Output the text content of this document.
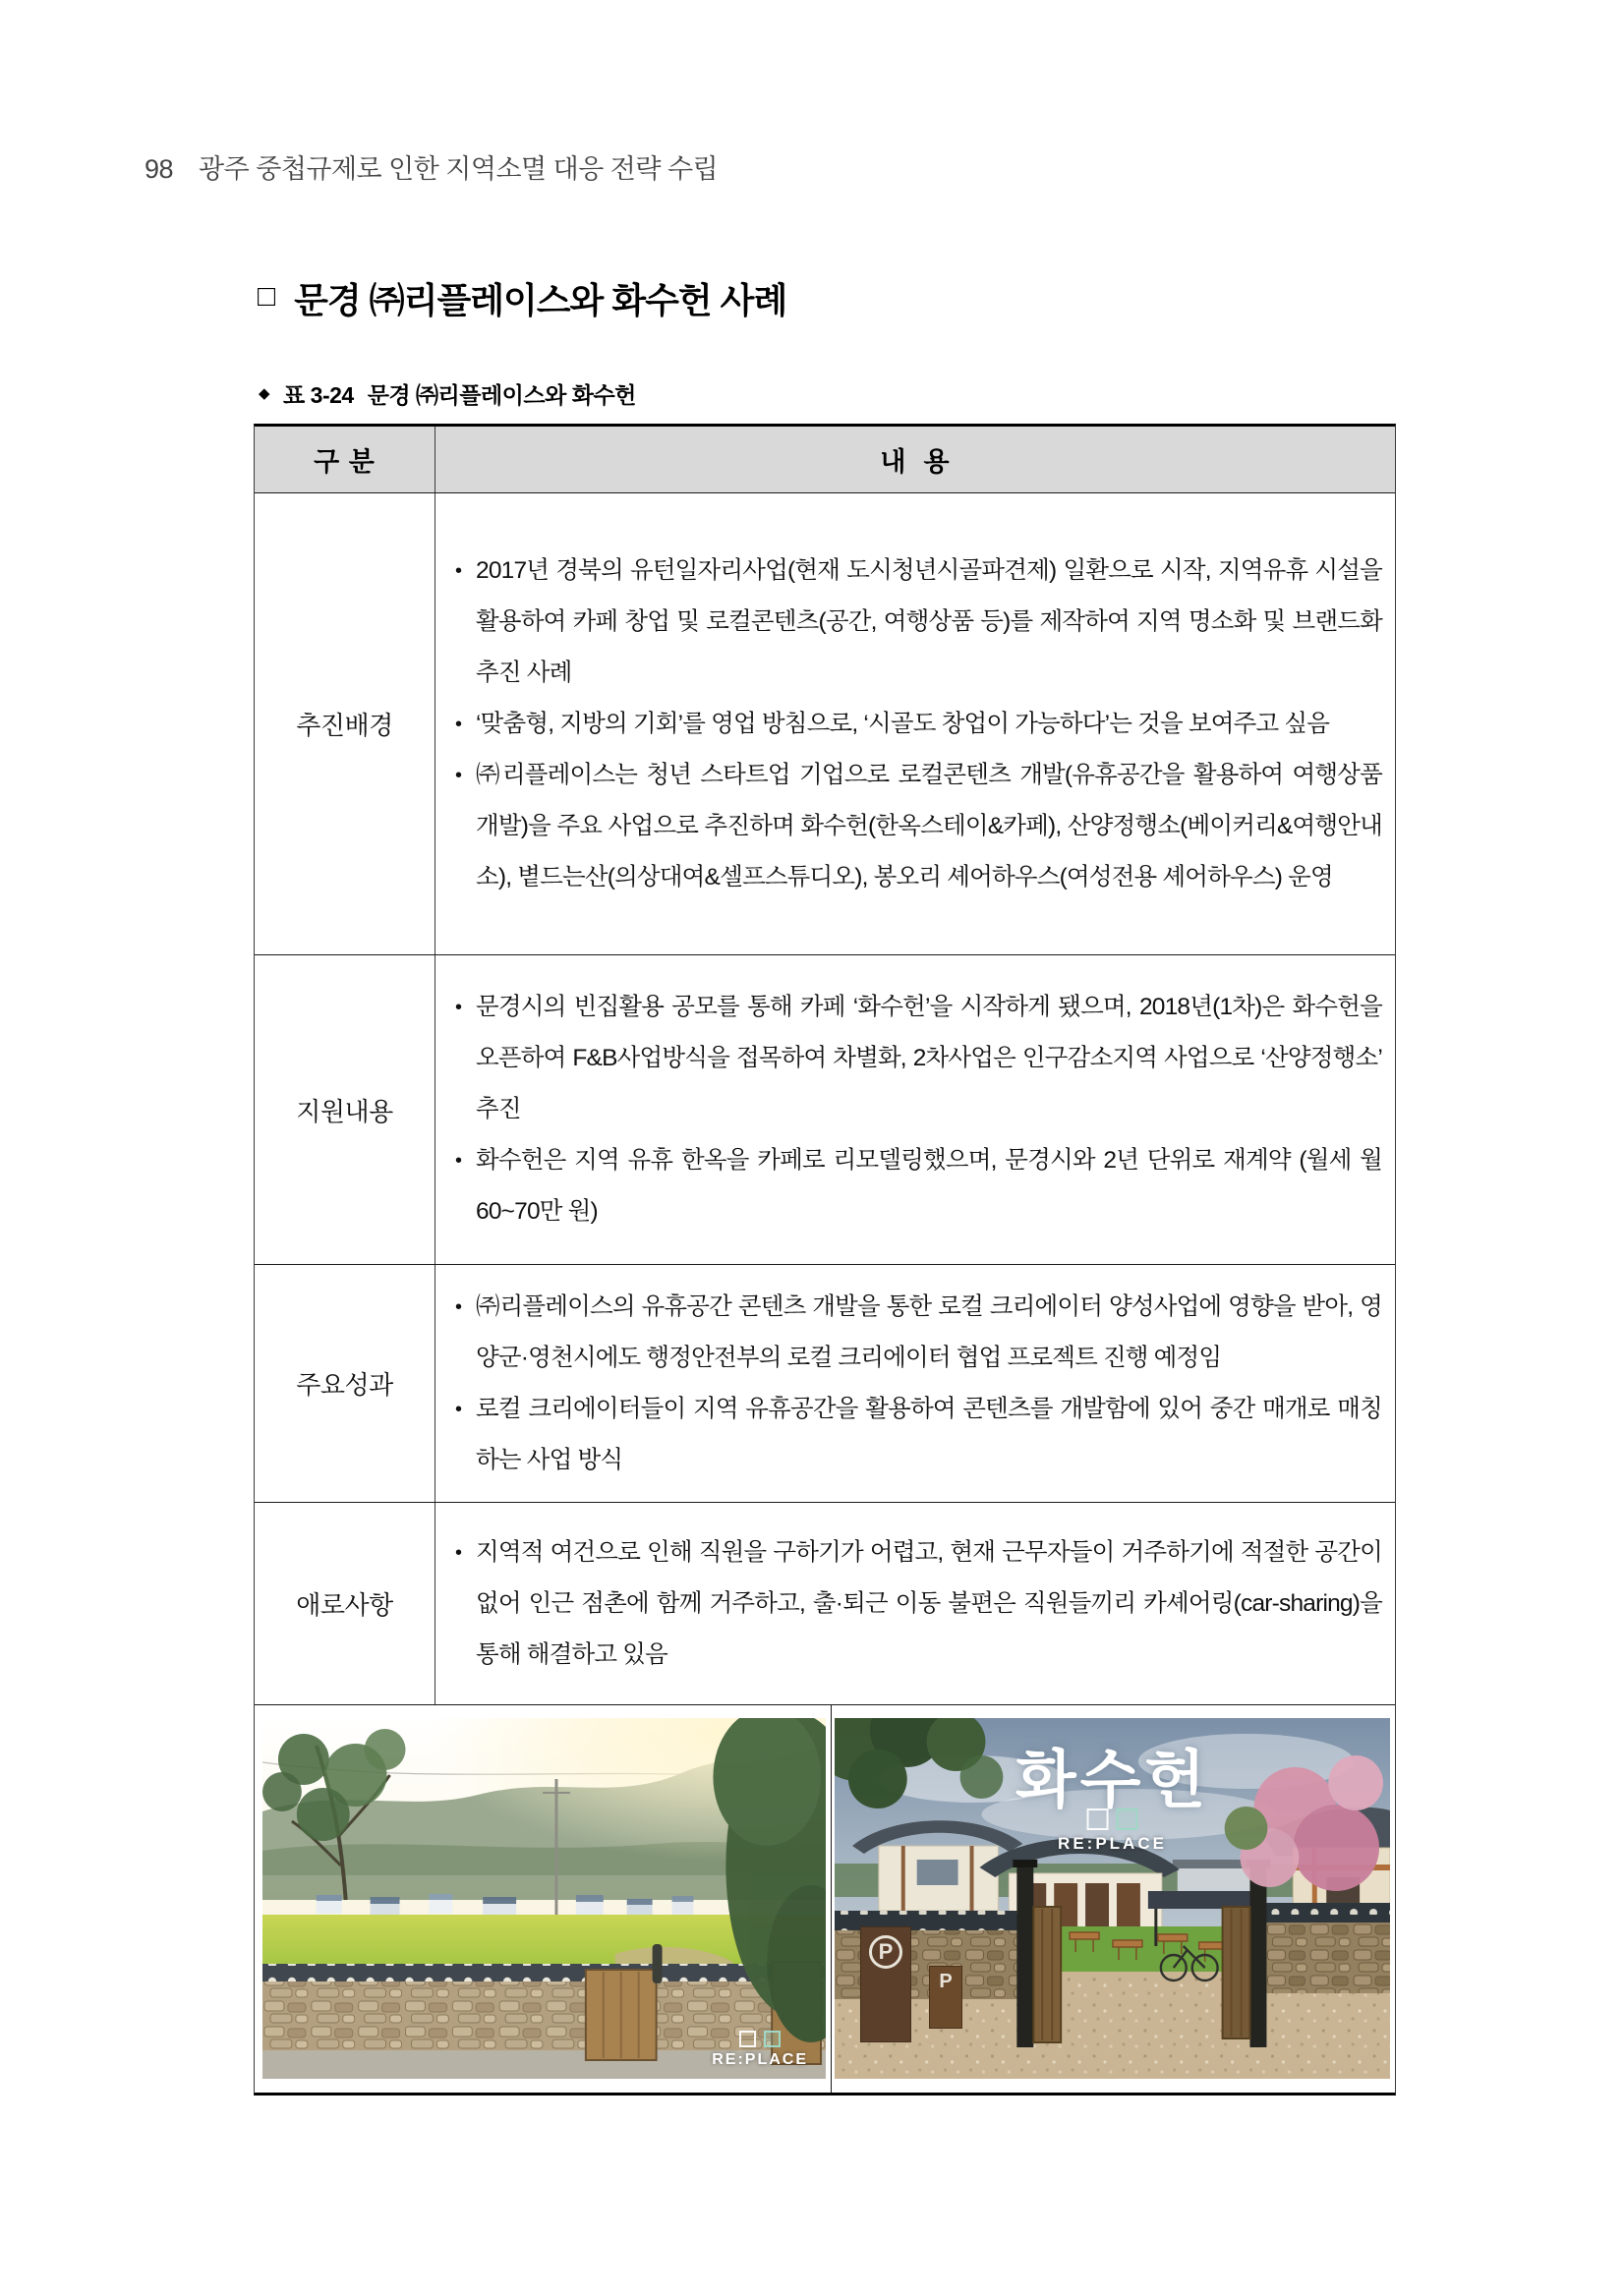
98 광주 중첩규제로 인한 지역소멸 대응 전략 수립
□ 문경 ㈜리플레이스와 화수헌 사례
◆ 표 3-24 문경 ㈜리플레이스와 화수헌
구 분	내  용
추진배경
• 2017년 경북의 유턴일자리사업(현재 도시청년시골파견제) 일환으로 시작, 지역유휴 시설을 활용하여 카페 창업 및 로컬콘텐츠(공간, 여행상품 등)를 제작하여 지역 명소화 및 브랜드화 추진 사례
• ‘맞춤형, 지방의 기회’를 영업 방침으로, ‘시골도 창업이 가능하다’는 것을 보여주고 싶음
• ㈜리플레이스는 청년 스타트업 기업으로 로컬콘텐츠 개발(유휴공간을 활용하여 여행상품 개발)을 주요 사업으로 추진하며 화수헌(한옥스테이&카페), 산양정행소(베이커리&여행안내소), 볕드는산(의상대여&셀프스튜디오), 봉오리 셰어하우스(여성전용 셰어하우스) 운영
지원내용
• 문경시의 빈집활용 공모를 통해 카페 ‘화수헌’을 시작하게 됐으며, 2018년(1차)은 화수헌을 오픈하여 F&B사업방식을 접목하여 차별화, 2차사업은 인구감소지역 사업으로 ‘산양정행소’ 추진
• 화수헌은 지역 유휴 한옥을 카페로 리모델링했으며, 문경시와 2년 단위로 재계약 (월세 월 60~70만 원)
주요성과
• ㈜리플레이스의 유휴공간 콘텐츠 개발을 통한 로컬 크리에이터 양성사업에 영향을 받아, 영양군·영천시에도 행정안전부의 로컬 크리에이터 협업 프로젝트 진행 예정임
• 로컬 크리에이터들이 지역 유휴공간을 활용하여 콘텐츠를 개발함에 있어 중간 매개로 매칭하는 사업 방식
애로사항
• 지역적 여건으로 인해 직원을 구하기가 어렵고, 현재 근무자들이 거주하기에 적절한 공간이 없어 인근 점촌에 함께 거주하고, 출·퇴근 이동 불편은 직원들끼리 카셰어링(car-sharing)을 통해 해결하고 있음
RE:PLACE
화수헌
RE:PLACE
P
P
